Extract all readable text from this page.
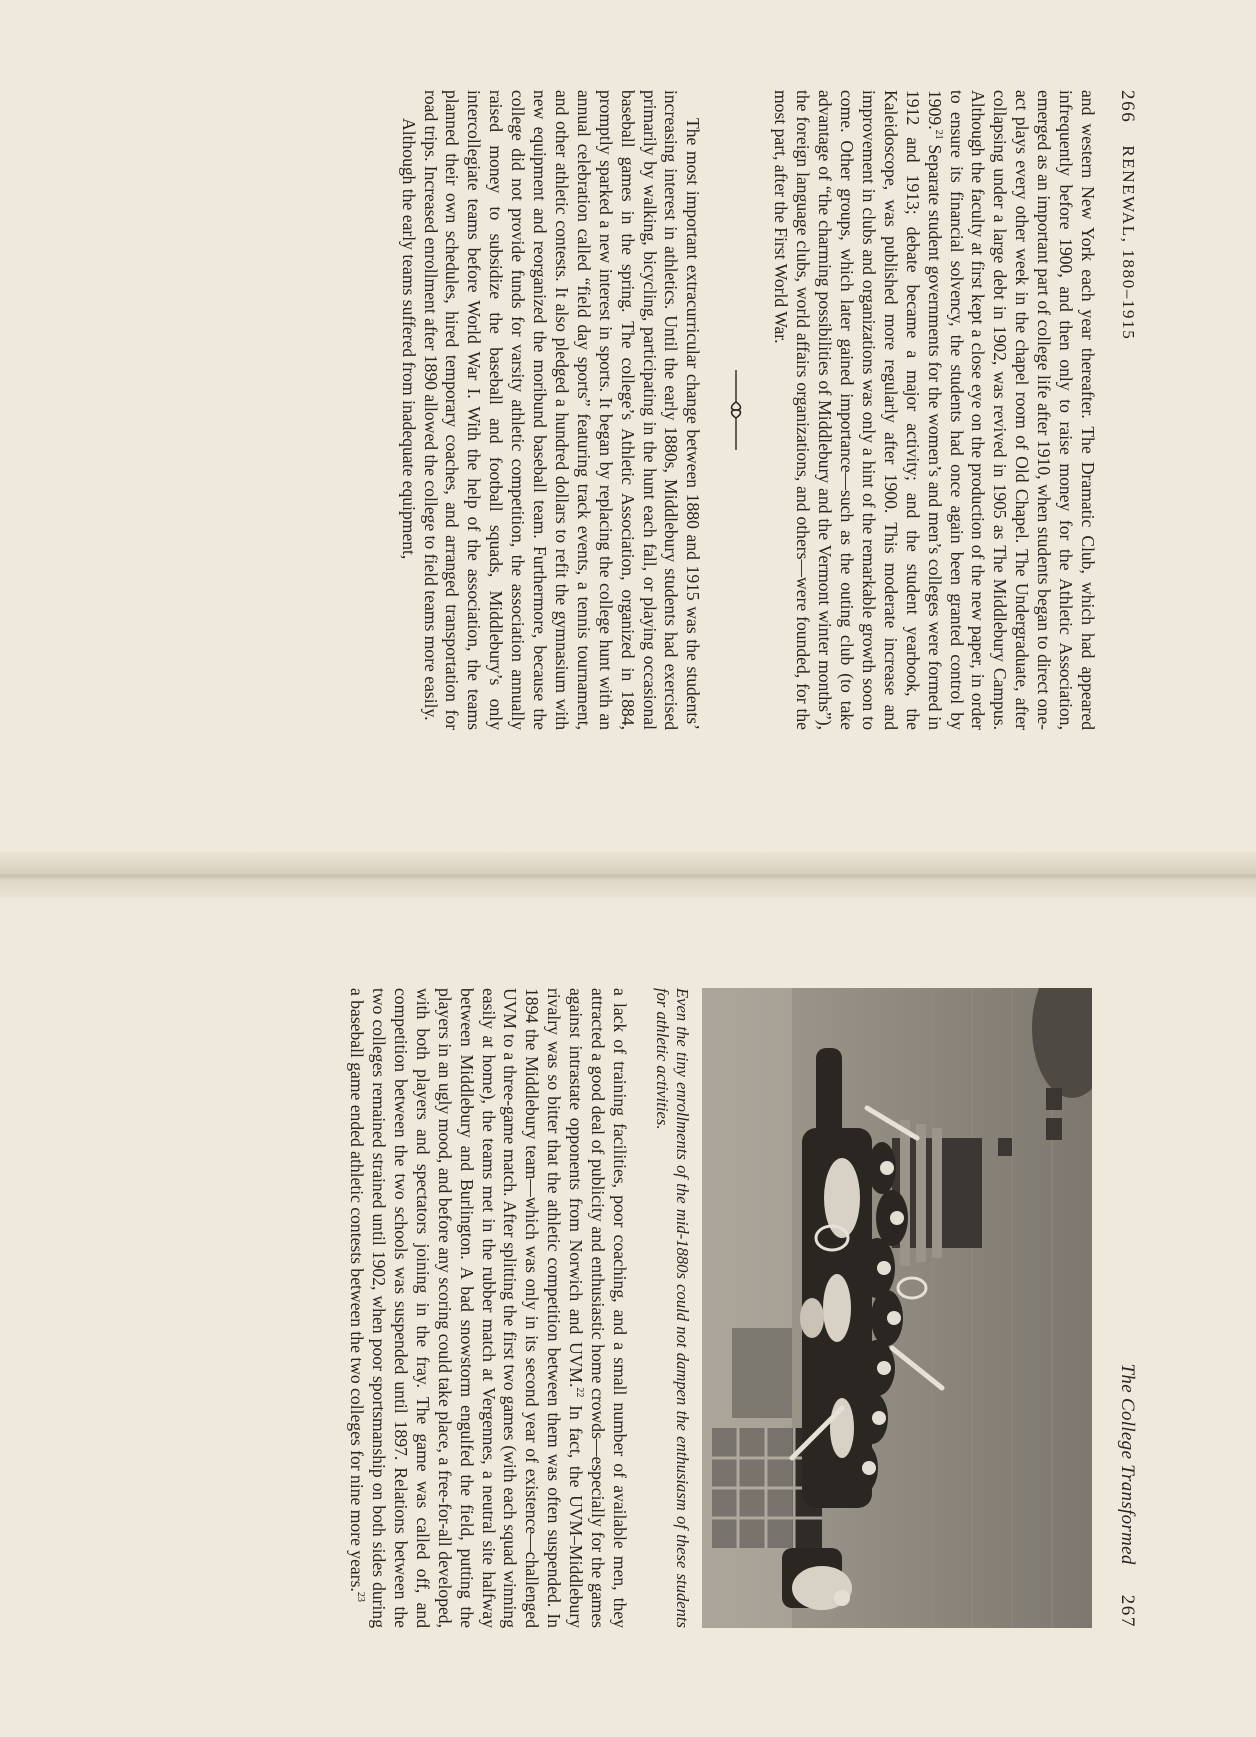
266
RENEWAL, 1880–1915

and western New York each year thereafter. The Dramatic Club, which had appeared infrequently before 1900, and then only to raise money for the Athletic Association, emerged as an important part of college life after 1910, when students began to direct one-act plays every other week in the chapel room of Old Chapel. The Undergraduate, after collapsing under a large debt in 1902, was revived in 1905 as The Middlebury Campus. Although the faculty at first kept a close eye on the production of the new paper, in order to ensure its financial solvency, the students had once again been granted control by 1909.21 Separate student governments for the women’s and men’s colleges were formed in 1912 and 1913; debate became a major activity; and the student yearbook, the Kaleidoscope, was published more regularly after 1900. This moderate increase and improvement in clubs and organizations was only a hint of the remarkable growth soon to come. Other groups, which later gained importance—such as the outing club (to take advantage of “the charming possibilities of Middlebury and the Vermont winter months”), the foreign language clubs, world affairs organizations, and others—were founded, for the most part, after the First World War.

The most important extracurricular change between 1880 and 1915 was the students’ increasing interest in athletics. Until the early 1880s, Middlebury students had exercised primarily by walking, bicycling, participating in the hunt each fall, or playing occasional baseball games in the spring. The college’s Athletic Association, organized in 1884, promptly sparked a new interest in sports. It began by replacing the college hunt with an annual celebration called “field day sports” featuring track events, a tennis tournament, and other athletic contests. It also pledged a hundred dollars to refit the gymnasium with new equipment and reorganized the moribund baseball team. Furthermore, because the college did not provide funds for varsity athletic competition, the association annually raised money to subsidize the baseball and football squads, Middlebury’s only intercollegiate teams before World War I. With the help of the association, the teams planned their own schedules, hired temporary coaches, and arranged transportation for road trips. Increased enrollment after 1890 allowed the college to field teams more easily.

Although the early teams suffered from inadequate equipment,

The College Transformed
267

Even the tiny enrollments of the mid-1880s could not dampen the enthusiasm of these students for athletic activities.

a lack of training facilities, poor coaching, and a small number of available men, they attracted a good deal of publicity and enthusiastic home crowds—especially for the games against intrastate opponents from Norwich and UVM.$^{22}$ In fact, the UVM–Middlebury rivalry was so bitter that the athletic competition between them was often suspended. In 1894 the Middlebury team—which was only in its second year of existence—challenged UVM to a three-game match. After splitting the first two games (with each squad winning easily at home), the teams met in the rubber match at Vergennes, a neutral site halfway between Middlebury and Burlington. A bad snowstorm engulfed the field, putting the players in an ugly mood, and before any scoring could take place, a free-for-all developed, with both players and spectators joining in the fray. The game was called off, and competition between the two schools was suspended until 1897. Relations between the two colleges remained strained until 1902, when poor sportsmanship on both sides during a baseball game ended athletic contests between the two colleges for nine more years.$^{23}$
